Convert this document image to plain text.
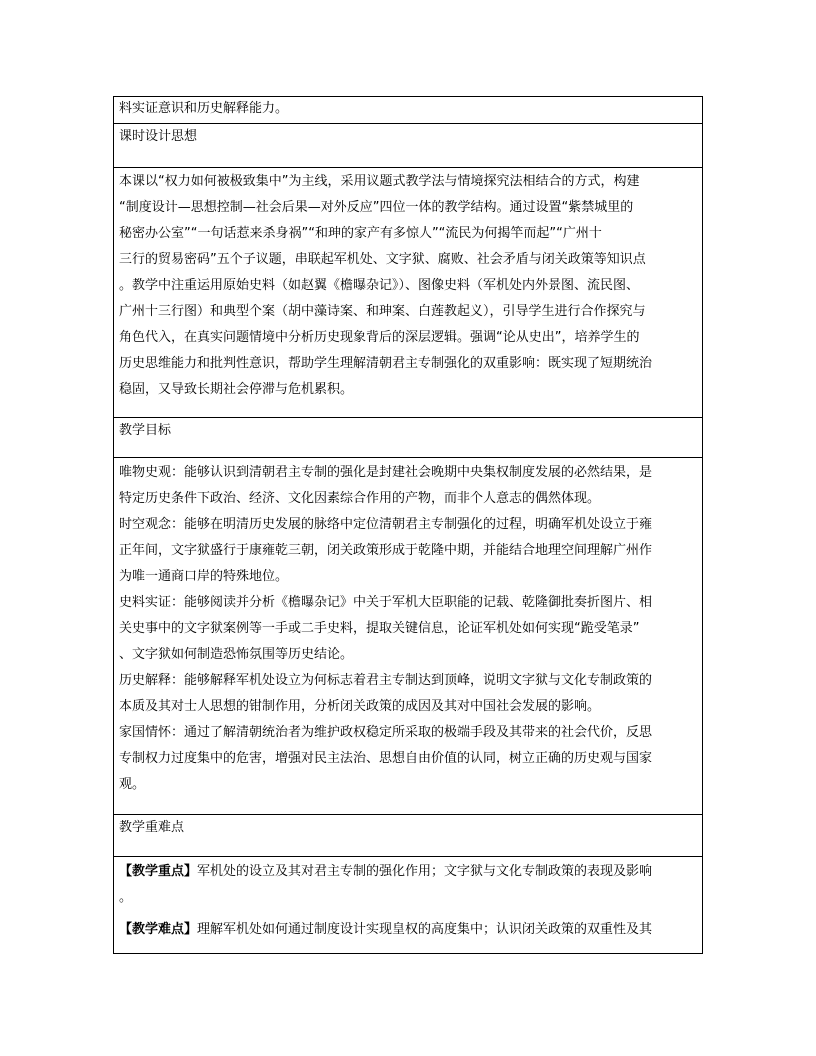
料实证意识和历史解释能力。

课时设计思想

本课以“权力如何被极致集中”为主线，采用议题式教学法与情境探究法相结合的方式，构建

“制度设计—思想控制—社会后果—对外反应”四位一体的教学结构。通过设置“紫禁城里的

秘密办公室”“一句话惹来杀身祸”“和珅的家产有多惊人”“流民为何揭竿而起”“广州十

三行的贸易密码”五个子议题，串联起军机处、文字狱、腐败、社会矛盾与闭关政策等知识点

。教学中注重运用原始史料（如赵翼《檐曝杂记》）、图像史料（军机处内外景图、流民图、

广州十三行图）和典型个案（胡中藻诗案、和珅案、白莲教起义），引导学生进行合作探究与

角色代入，在真实问题情境中分析历史现象背后的深层逻辑。强调“论从史出”，培养学生的

历史思维能力和批判性意识，帮助学生理解清朝君主专制强化的双重影响：既实现了短期统治

稳固，又导致长期社会停滞与危机累积。

教学目标

唯物史观：能够认识到清朝君主专制的强化是封建社会晚期中央集权制度发展的必然结果，是

特定历史条件下政治、经济、文化因素综合作用的产物，而非个人意志的偶然体现。

时空观念：能够在明清历史发展的脉络中定位清朝君主专制强化的过程，明确军机处设立于雍

正年间，文字狱盛行于康雍乾三朝，闭关政策形成于乾隆中期，并能结合地理空间理解广州作

为唯一通商口岸的特殊地位。

史料实证：能够阅读并分析《檐曝杂记》中关于军机大臣职能的记载、乾隆御批奏折图片、相

关史事中的文字狱案例等一手或二手史料，提取关键信息，论证军机处如何实现“跪受笔录”

、文字狱如何制造恐怖氛围等历史结论。

历史解释：能够解释军机处设立为何标志着君主专制达到顶峰，说明文字狱与文化专制政策的

本质及其对士人思想的钳制作用，分析闭关政策的成因及其对中国社会发展的影响。

家国情怀：通过了解清朝统治者为维护政权稳定所采取的极端手段及其带来的社会代价，反思

专制权力过度集中的危害，增强对民主法治、思想自由价值的认同，树立正确的历史观与国家

观。

教学重难点

【教学重点】军机处的设立及其对君主专制的强化作用；文字狱与文化专制政策的表现及影响

。

【教学难点】理解军机处如何通过制度设计实现皇权的高度集中；认识闭关政策的双重性及其
